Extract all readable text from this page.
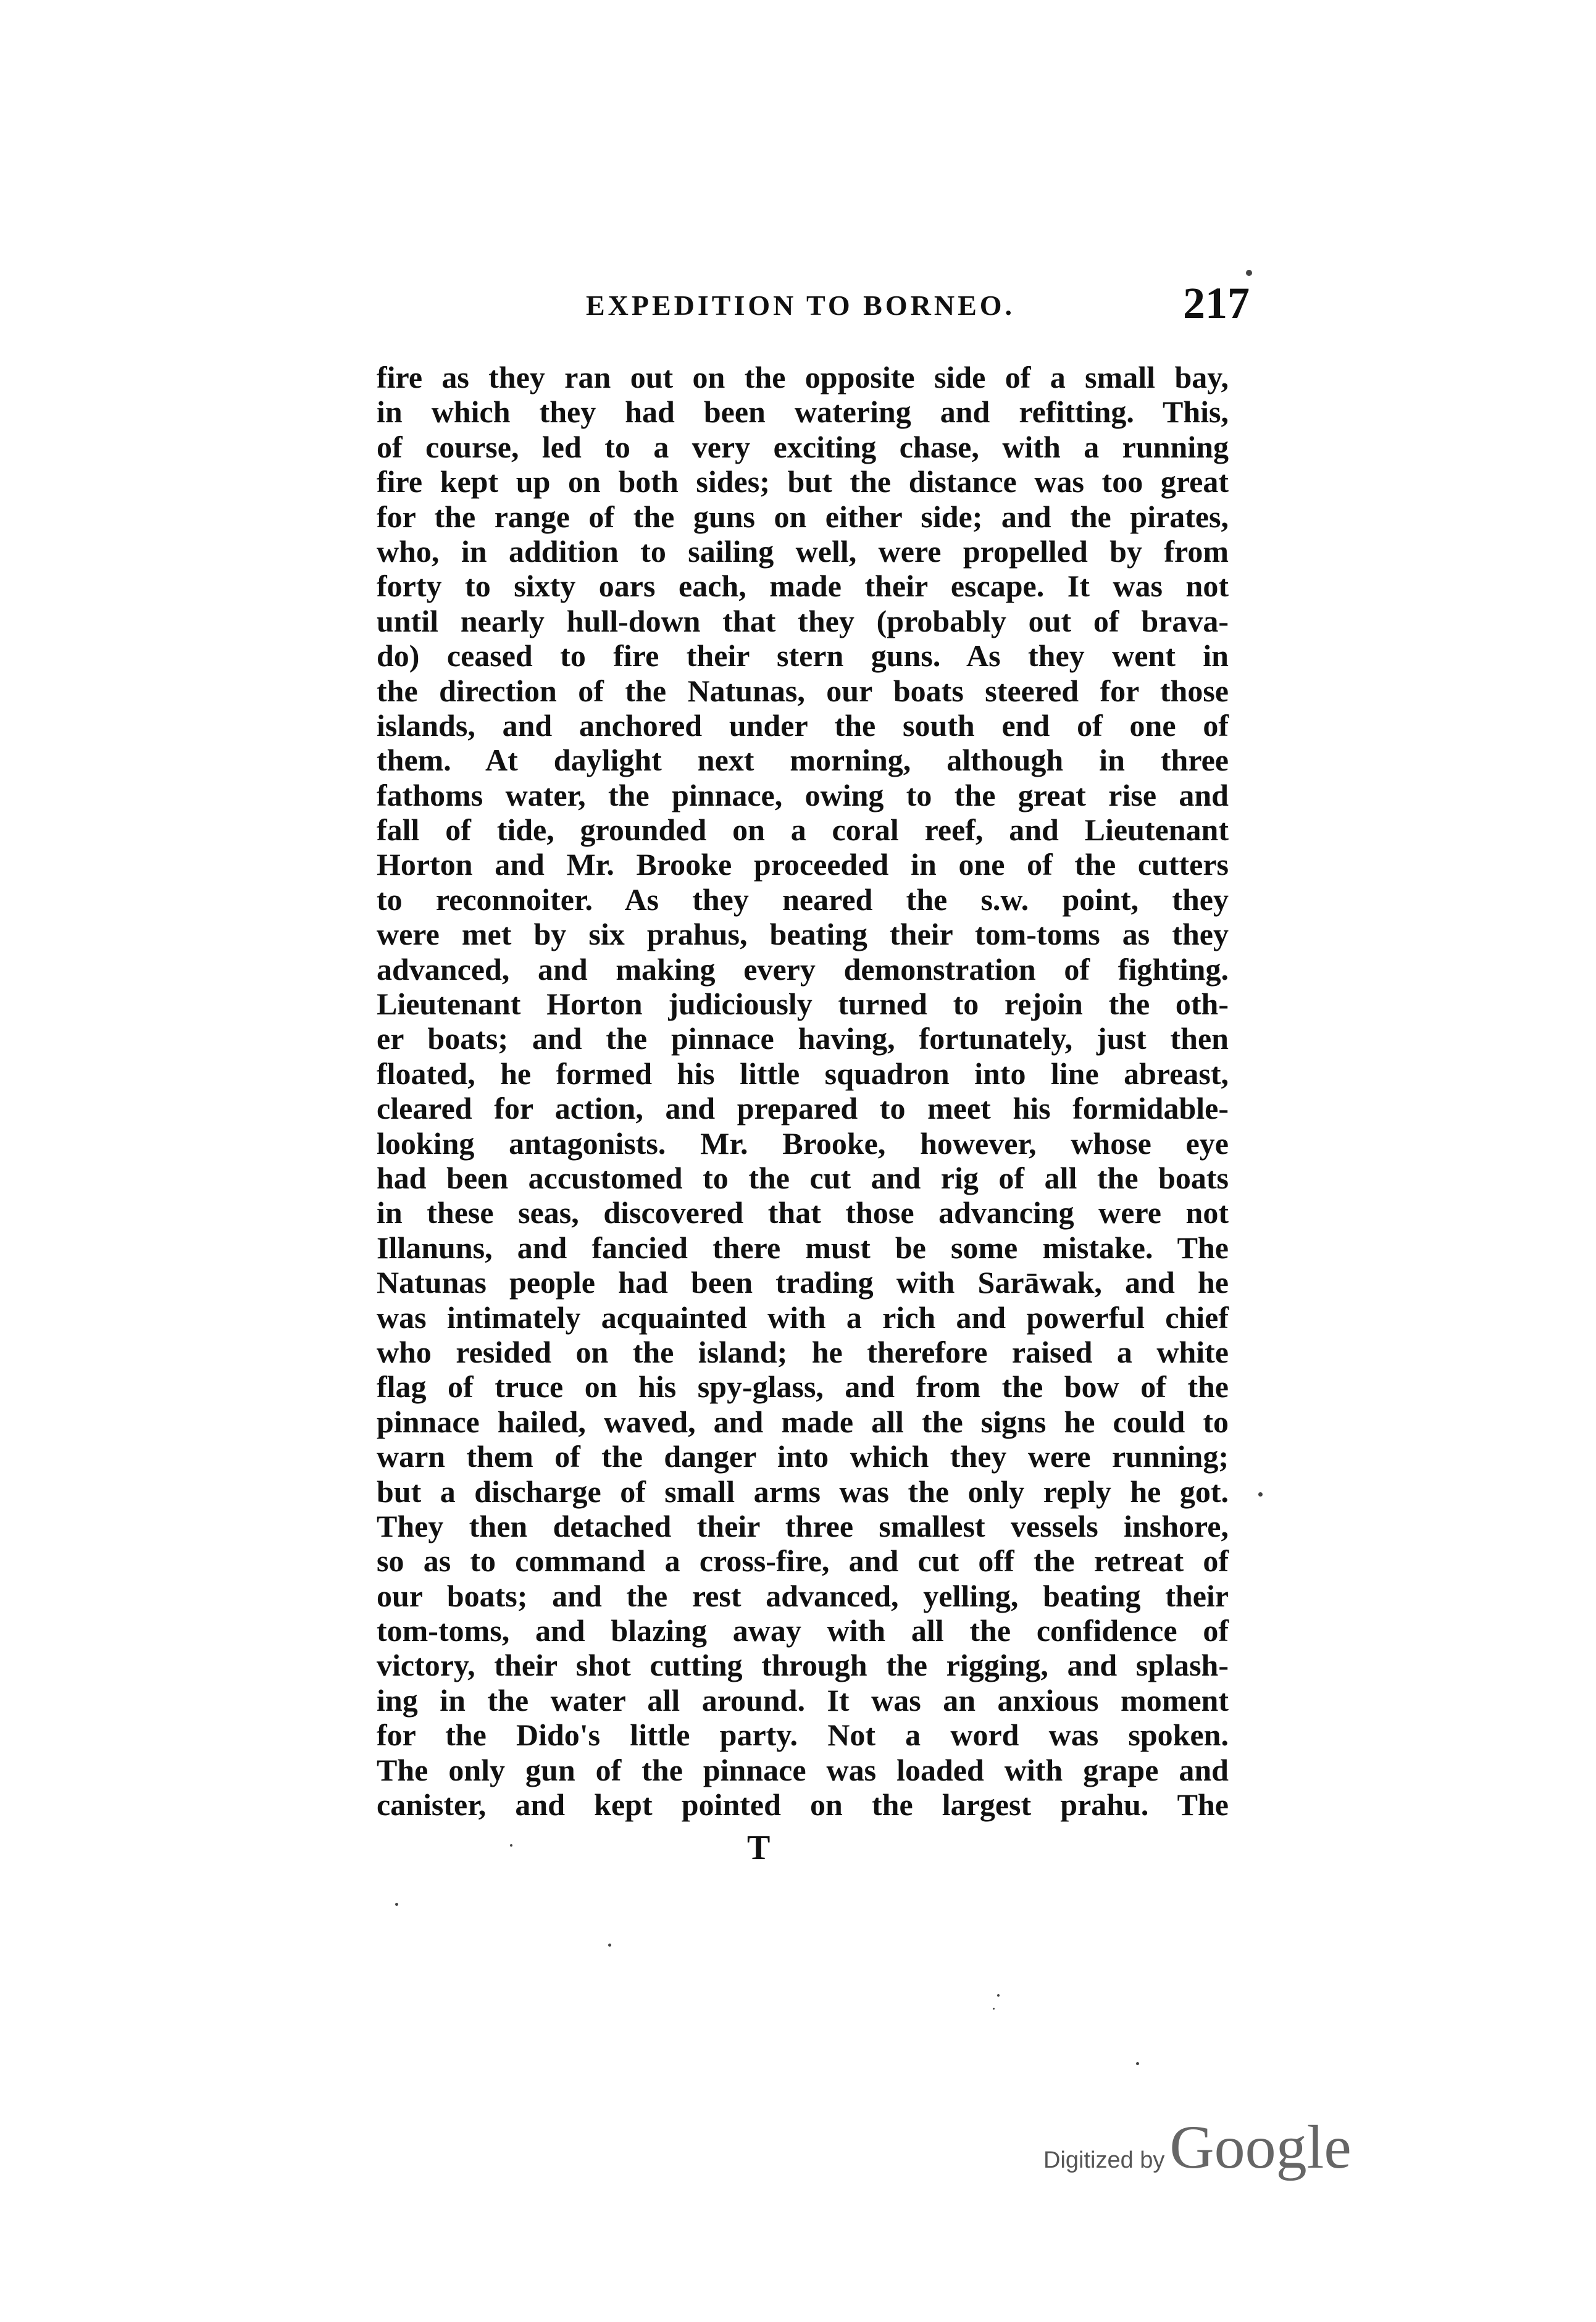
EXPEDITION TO BORNEO.	217
fire as they ran out on the opposite side of a small bay,
in which they had been watering and refitting. This,
of course, led to a very exciting chase, with a running
fire kept up on both sides; but the distance was too great
for the range of the guns on either side; and the pirates,
who, in addition to sailing well, were propelled by from
forty to sixty oars each, made their escape. It was not
until nearly hull-down that they (probably out of brava-
do) ceased to fire their stern guns. As they went in
the direction of the Natunas, our boats steered for those
islands, and anchored under the south end of one of
them. At daylight next morning, although in three
fathoms water, the pinnace, owing to the great rise and
fall of tide, grounded on a coral reef, and Lieutenant
Horton and Mr. Brooke proceeded in one of the cutters
to reconnoiter. As they neared the s.w. point, they
were met by six prahus, beating their tom-toms as they
advanced, and making every demonstration of fighting.
Lieutenant Horton judiciously turned to rejoin the oth-
er boats; and the pinnace having, fortunately, just then
floated, he formed his little squadron into line abreast,
cleared for action, and prepared to meet his formidable-
looking antagonists. Mr. Brooke, however, whose eye
had been accustomed to the cut and rig of all the boats
in these seas, discovered that those advancing were not
Illanuns, and fancied there must be some mistake. The
Natunas people had been trading with Sarāwak, and he
was intimately acquainted with a rich and powerful chief
who resided on the island; he therefore raised a white
flag of truce on his spy-glass, and from the bow of the
pinnace hailed, waved, and made all the signs he could to
warn them of the danger into which they were running;
but a discharge of small arms was the only reply he got.
They then detached their three smallest vessels inshore,
so as to command a cross-fire, and cut off the retreat of
our boats; and the rest advanced, yelling, beating their
tom-toms, and blazing away with all the confidence of
victory, their shot cutting through the rigging, and splash-
ing in the water all around. It was an anxious moment
for the Dido's little party. Not a word was spoken.
The only gun of the pinnace was loaded with grape and
canister, and kept pointed on the largest prahu. The
T
Digitized by Google
